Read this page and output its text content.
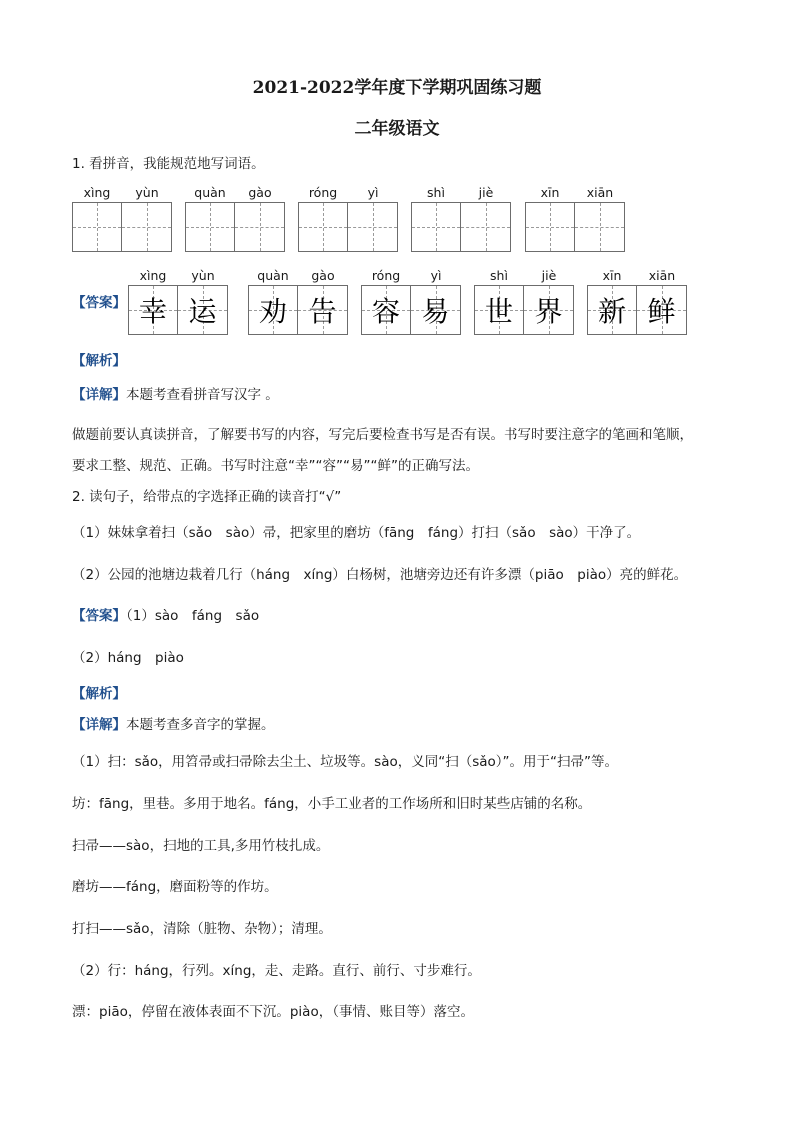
2021-2022学年度下学期巩固练习题
二年级语文
1. 看拼音，我能规范地写词语。
xìng	yùn	quàn	gào	róng	yì	shì	jiè	xīn	xiān
【答案】
xìng	yùn
幸 运
quàn	gào
劝 告
róng	yì
容 易
shì	jiè
世 界
xīn	xiān
新 鲜
【解析】
【详解】本题考查看拼音写汉字 。
做题前要认真读拼音，了解要书写的内容，写完后要检查书写是否有误。书写时要注意字的笔画和笔顺，
要求工整、规范、正确。书写时注意“幸”“容”“易”“鲜”的正确写法。
2. 读句子，给带点的字选择正确的读音打“√”
（1）妹妹拿着扫（sǎo　sào）帚，把家里的磨坊（fāng　fáng）打扫（sǎo　sào）干净了。
（2）公园的池塘边栽着几行（háng　xíng）白杨树，池塘旁边还有许多漂（piāo　piào）亮的鲜花。
【答案】（1）sào　fáng　sǎo
（2）háng　piào
【解析】
【详解】本题考查多音字的掌握。
（1）扫：sǎo，用笤帚或扫帚除去尘土、垃圾等。sào，义同“扫（sǎo）”。用于“扫帚”等。
坊：fāng，里巷。多用于地名。fáng，小手工业者的工作场所和旧时某些店铺的名称。
扫帚——sào，扫地的工具,多用竹枝扎成。
磨坊——fáng，磨面粉等的作坊。
打扫——sǎo，清除（脏物、杂物）；清理。
（2）行：háng，行列。xíng，走、走路。直行、前行、寸步难行。
漂：piāo，停留在液体表面不下沉。piào，（事情、账目等）落空。
